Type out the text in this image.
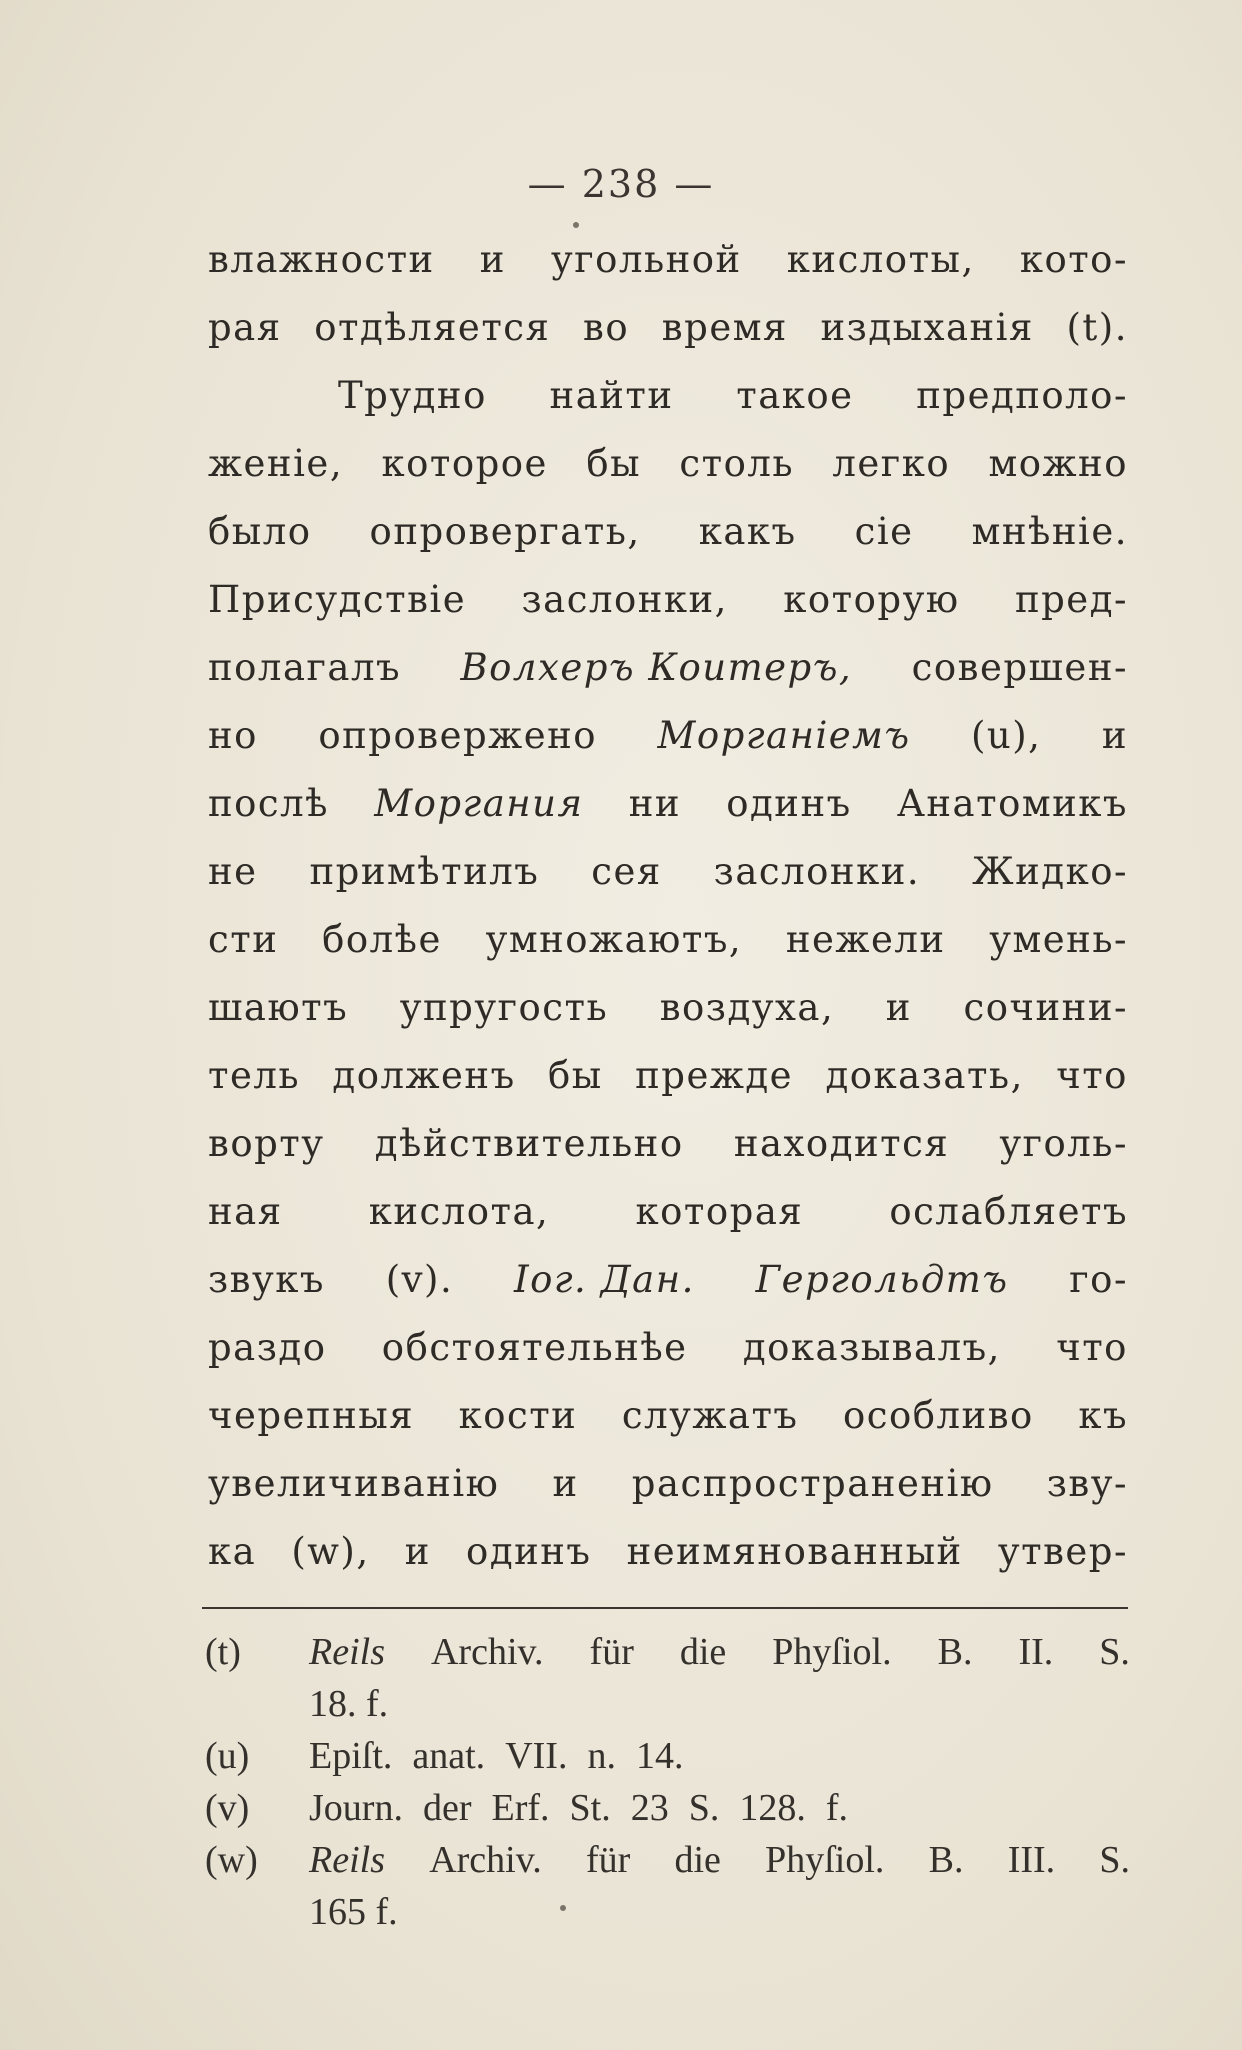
— 238 —
влажности и угольной кислоты, кото-
рая отдѣляется во время издыханія (t).
Трудно найти такое предполо-
женіе, которое бы столь легко можно
было опровергать, какъ сіе мнѣніе.
Присудствіе заслонки, которую пред-
полагалъ Волхеръ Коитеръ, совершен-
но опровержено Морганіемъ (u), и
послѣ Моргания ни одинъ Анатомикъ
не примѣтилъ сея заслонки. Жидко-
сти болѣе умножаютъ, нежели умень-
шаютъ упругость воздуха, и сочини-
тель долженъ бы прежде доказать, что
ворту дѣйствительно находится уголь-
ная кислота, которая ослабляетъ
звукъ (v). Іог. Дан. Гергольдтъ го-
раздо обстоятельнѣе доказывалъ, что
черепныя кости служатъ особливо къ
увеличиванію и распространенію зву-
ка (w), и одинъ неимянованный утвер-
(t)	Reils Archiv. für die Phyſiol. B. II. S.
18. f.
(u)	Epiſt. anat. VII. n. 14.
(v)	Journ. der Erf. St. 23 S. 128. f.
(w)	Reils Archiv. für die Phyſiol. B. III. S.
165 f.
